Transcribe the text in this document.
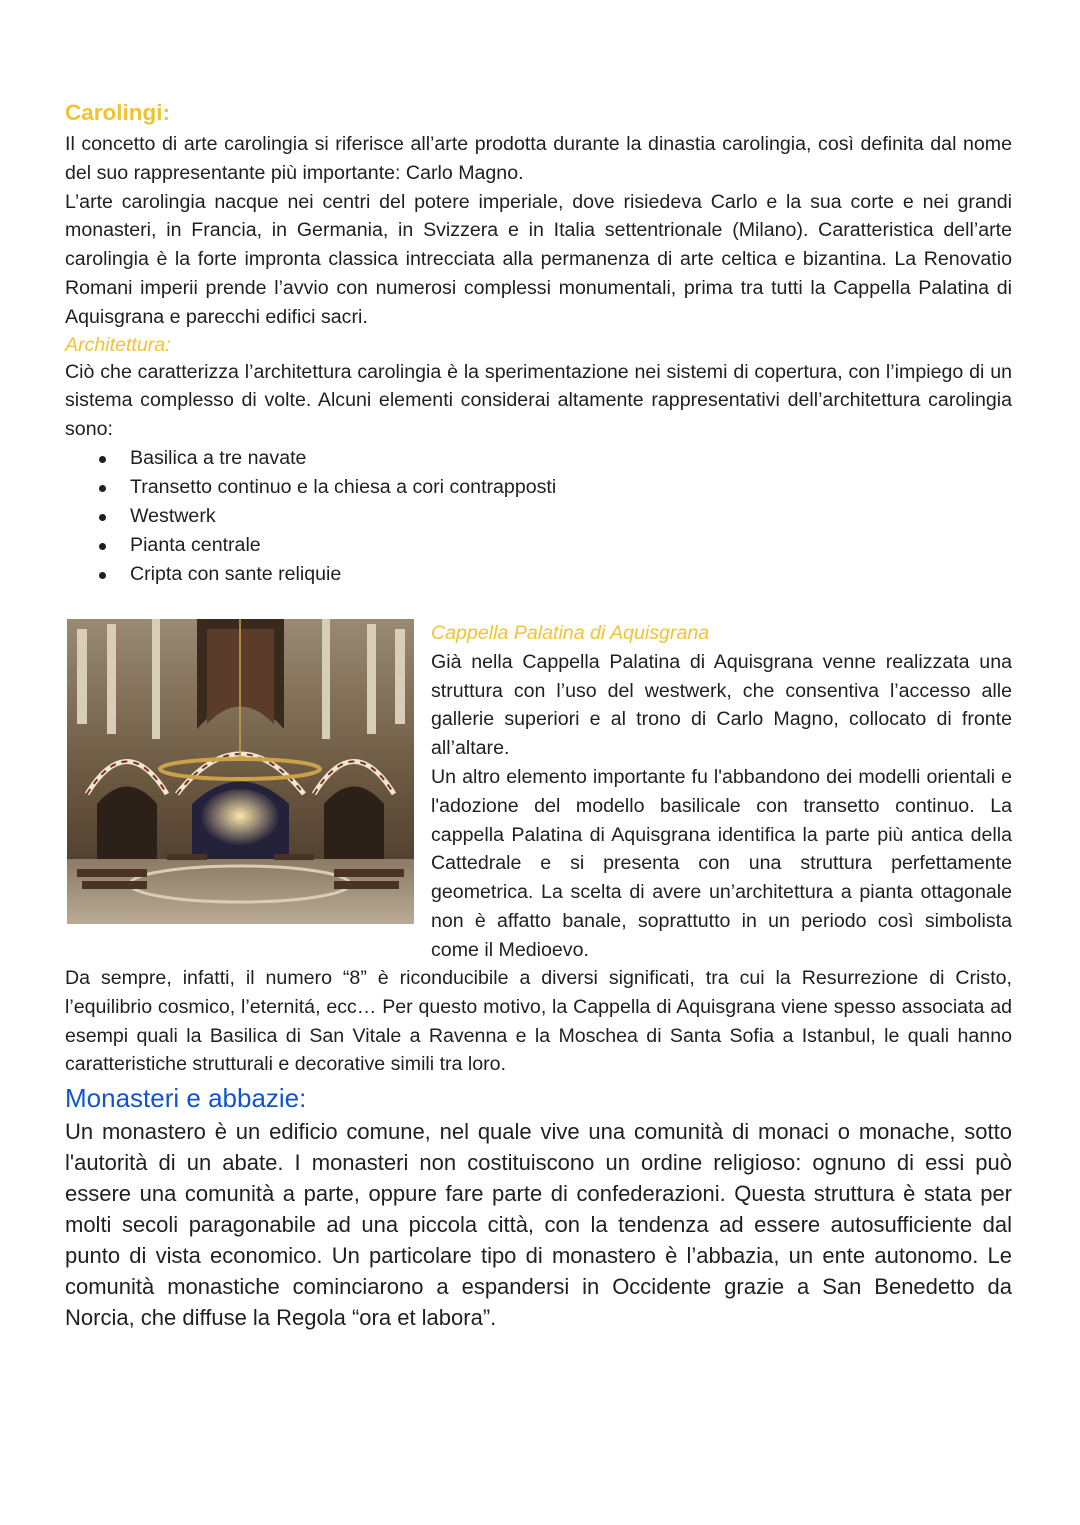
Carolingi:

Il concetto di arte carolingia si riferisce all’arte prodotta durante la dinastia carolingia, così definita dal nome del suo rappresentante più importante: Carlo Magno.

L’arte carolingia nacque nei centri del potere imperiale, dove risiedeva Carlo e la sua corte e nei grandi monasteri, in Francia, in Germania, in Svizzera e in Italia settentrionale (Milano). Caratteristica dell’arte carolingia è la forte impronta classica intrecciata alla permanenza di arte celtica e bizantina. La Renovatio Romani imperii prende l’avvio con numerosi complessi monumentali, prima tra tutti la Cappella Palatina di Aquisgrana e parecchi edifici sacri.

Architettura:

Ciò che caratterizza l’architettura carolingia è la sperimentazione nei sistemi di copertura, con l’impiego di un sistema complesso di volte. Alcuni elementi considerai altamente rappresentativi dell’architettura carolingia sono:

Basilica a tre navate
Transetto continuo e la chiesa a cori contrapposti
Westwerk
Pianta centrale
Cripta con sante reliquie

Cappella Palatina di Aquisgrana

Già nella Cappella Palatina di Aquisgrana venne realizzata una struttura con l’uso del westwerk, che consentiva l’accesso alle gallerie superiori e al trono di Carlo Magno, collocato di fronte all’altare.

Un altro elemento importante fu l'abbandono dei modelli orientali e l'adozione del modello basilicale con transetto continuo. La cappella Palatina di Aquisgrana identifica la parte più antica della Cattedrale e si presenta con una struttura perfettamente geometrica. La scelta di avere un’architettura a pianta ottagonale non è affatto banale, soprattutto in un periodo così simbolista come il Medioevo.

Da sempre, infatti, il numero “8” è riconducibile a diversi significati, tra cui la Resurrezione di Cristo, l’equilibrio cosmico, l’eternitá, ecc… Per questo motivo, la Cappella di Aquisgrana viene spesso associata ad esempi quali la Basilica di San Vitale a Ravenna e la Moschea di Santa Sofia a Istanbul, le quali hanno caratteristiche strutturali e decorative simili tra loro.

Monasteri e abbazie:

Un monastero è un edificio comune, nel quale vive una comunità di monaci o monache, sotto l'autorità di un abate. I monasteri non costituiscono un ordine religioso: ognuno di essi può essere una comunità a parte, oppure fare parte di confederazioni. Questa struttura è stata per molti secoli paragonabile ad una piccola città, con la tendenza ad essere autosufficiente dal punto di vista economico. Un particolare tipo di monastero è l’abbazia, un ente autonomo. Le comunità monastiche cominciarono a espandersi in Occidente grazie a San Benedetto da Norcia, che diffuse la Regola “ora et labora”.
